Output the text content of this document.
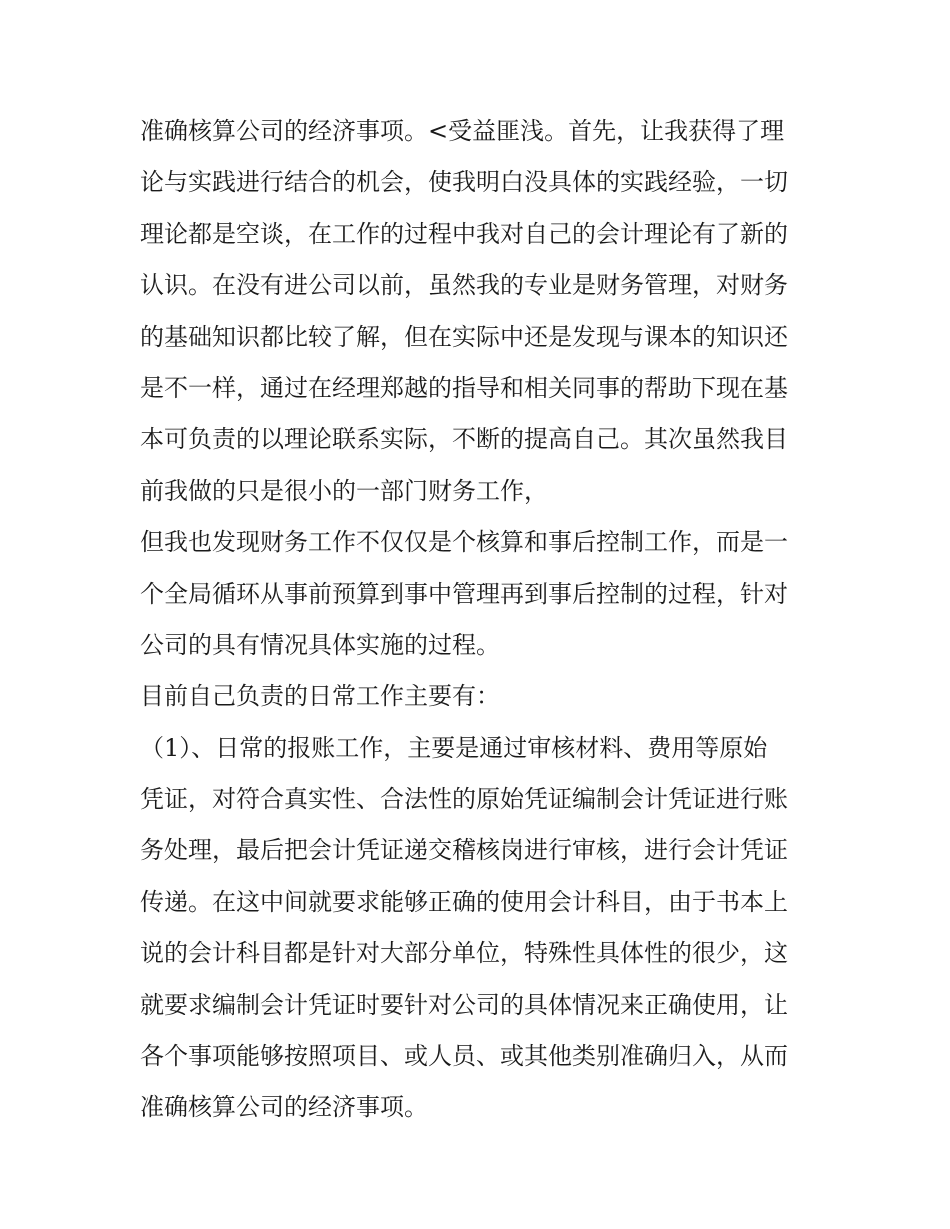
准确核算公司的经济事项。<受益匪浅。首先，让我获得了理
论与实践进行结合的机会，使我明白没具体的实践经验，一切
理论都是空谈，在工作的过程中我对自己的会计理论有了新的
认识。在没有进公司以前，虽然我的专业是财务管理，对财务
的基础知识都比较了解，但在实际中还是发现与课本的知识还
是不一样，通过在经理郑越的指导和相关同事的帮助下现在基
本可负责的以理论联系实际，不断的提高自己。其次虽然我目
前我做的只是很小的一部门财务工作，
但我也发现财务工作不仅仅是个核算和事后控制工作，而是一
个全局循环从事前预算到事中管理再到事后控制的过程，针对
公司的具有情况具体实施的过程。
目前自己负责的日常工作主要有：
（1）、日常的报账工作，主要是通过审核材料、费用等原始
凭证，对符合真实性、合法性的原始凭证编制会计凭证进行账
务处理，最后把会计凭证递交稽核岗进行审核，进行会计凭证
传递。在这中间就要求能够正确的使用会计科目，由于书本上
说的会计科目都是针对大部分单位，特殊性具体性的很少，这
就要求编制会计凭证时要针对公司的具体情况来正确使用，让
各个事项能够按照项目、或人员、或其他类别准确归入，从而
准确核算公司的经济事项。
